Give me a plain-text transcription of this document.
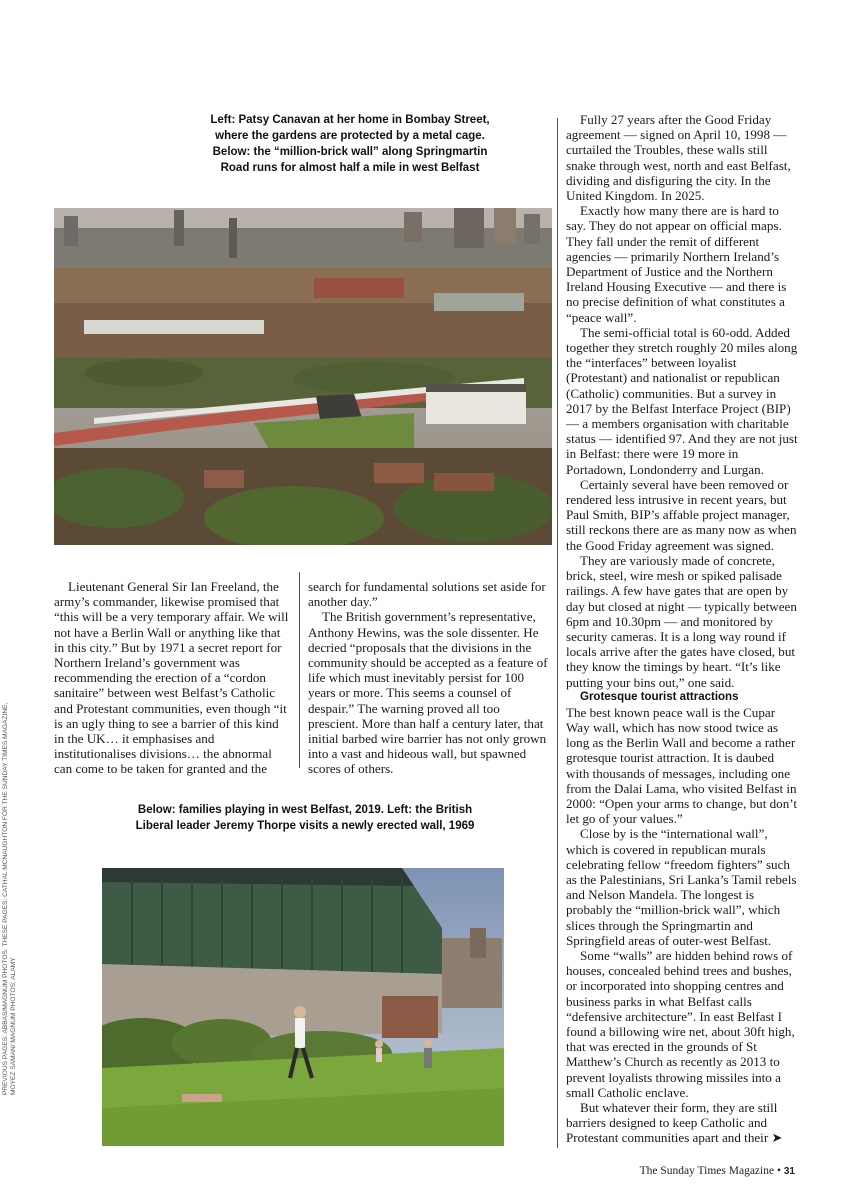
Left: Patsy Canavan at her home in Bombay Street,

where the gardens are protected by a metal cage.

Below: the “million-brick wall” along Springmartin

Road runs for almost half a mile in west Belfast

Lieutenant General Sir Ian Freeland, the army’s commander, likewise promised that “this will be a very temporary affair. We will not have a Berlin Wall or anything like that in this city.” But by 1971 a secret report for Northern Ireland’s government was recommending the erection of a “cordon sanitaire” between west Belfast’s Catholic and Protestant communities, even though “it is an ugly thing to see a barrier of this kind in the UK… it emphasises and institutionalises divisions… the abnormal can come to be taken for granted and the

search for fundamental solutions set aside for another day.”

The British government’s representative, Anthony Hewins, was the sole dissenter. He decried “proposals that the divisions in the community should be accepted as a feature of life which must inevitably persist for 100 years or more. This seems a counsel of despair.” The warning proved all too prescient. More than half a century later, that initial barbed wire barrier has not only grown into a vast and hideous wall, but spawned scores of others.

Below: families playing in west Belfast, 2019. Left: the British

Liberal leader Jeremy Thorpe visits a newly erected wall, 1969

Fully 27 years after the Good Friday agreement — signed on April 10, 1998 — curtailed the Troubles, these walls still snake through west, north and east Belfast, dividing and disfiguring the city. In the United Kingdom. In 2025.

Exactly how many there are is hard to say. They do not appear on official maps. They fall under the remit of different agencies — primarily Northern Ireland’s Department of Justice and the Northern Ireland Housing Executive — and there is no precise definition of what constitutes a “peace wall”.

The semi-official total is 60-odd. Added together they stretch roughly 20 miles along the “interfaces” between loyalist (Protestant) and nationalist or republican (Catholic) communities. But a survey in 2017 by the Belfast Interface Project (BIP) — a members organisation with charitable status — identified 97. And they are not just in Belfast: there were 19 more in Portadown, Londonderry and Lurgan.

Certainly several have been removed or rendered less intrusive in recent years, but Paul Smith, BIP’s affable project manager, still reckons there are as many now as when the Good Friday agreement was signed.

They are variously made of concrete, brick, steel, wire mesh or spiked palisade railings. A few have gates that are open by day but closed at night — typically between 6pm and 10.30pm — and monitored by security cameras. It is a long way round if locals arrive after the gates have closed, but they know the timings by heart. “It’s like putting your bins out,” one said.

Grotesque tourist attractions

The best known peace wall is the Cupar Way wall, which has now stood twice as long as the Berlin Wall and become a rather grotesque tourist attraction. It is daubed with thousands of messages, including one from the Dalai Lama, who visited Belfast in 2000: “Open your arms to change, but don’t let go of your values.”

Close by is the “international wall”, which is covered in republican murals celebrating fellow “freedom fighters” such as the Palestinians, Sri Lanka’s Tamil rebels and Nelson Mandela. The longest is probably the “million-brick wall”, which slices through the Springmartin and Springfield areas of outer-west Belfast.

Some “walls” are hidden behind rows of houses, concealed behind trees and bushes, or incorporated into shopping centres and business parks in what Belfast calls “defensive architecture”. In east Belfast I found a billowing wire net, about 30ft high, that was erected in the grounds of St Matthew’s Church as recently as 2013 to prevent loyalists throwing missiles into a small Catholic enclave.

But whatever their form, they are still barriers designed to keep Catholic and Protestant communities apart and their ➤

PREVIOUS PAGES: ABBAS/MAGNUM PHOTOS. THESE PAGES: CATHAL MCNAUGHTON FOR THE SUNDAY TIMES MAGAZINE, MOYEZ SAMAN/ MAGNUM PHOTOS; ALAMY
The Sunday Times Magazine • 31
